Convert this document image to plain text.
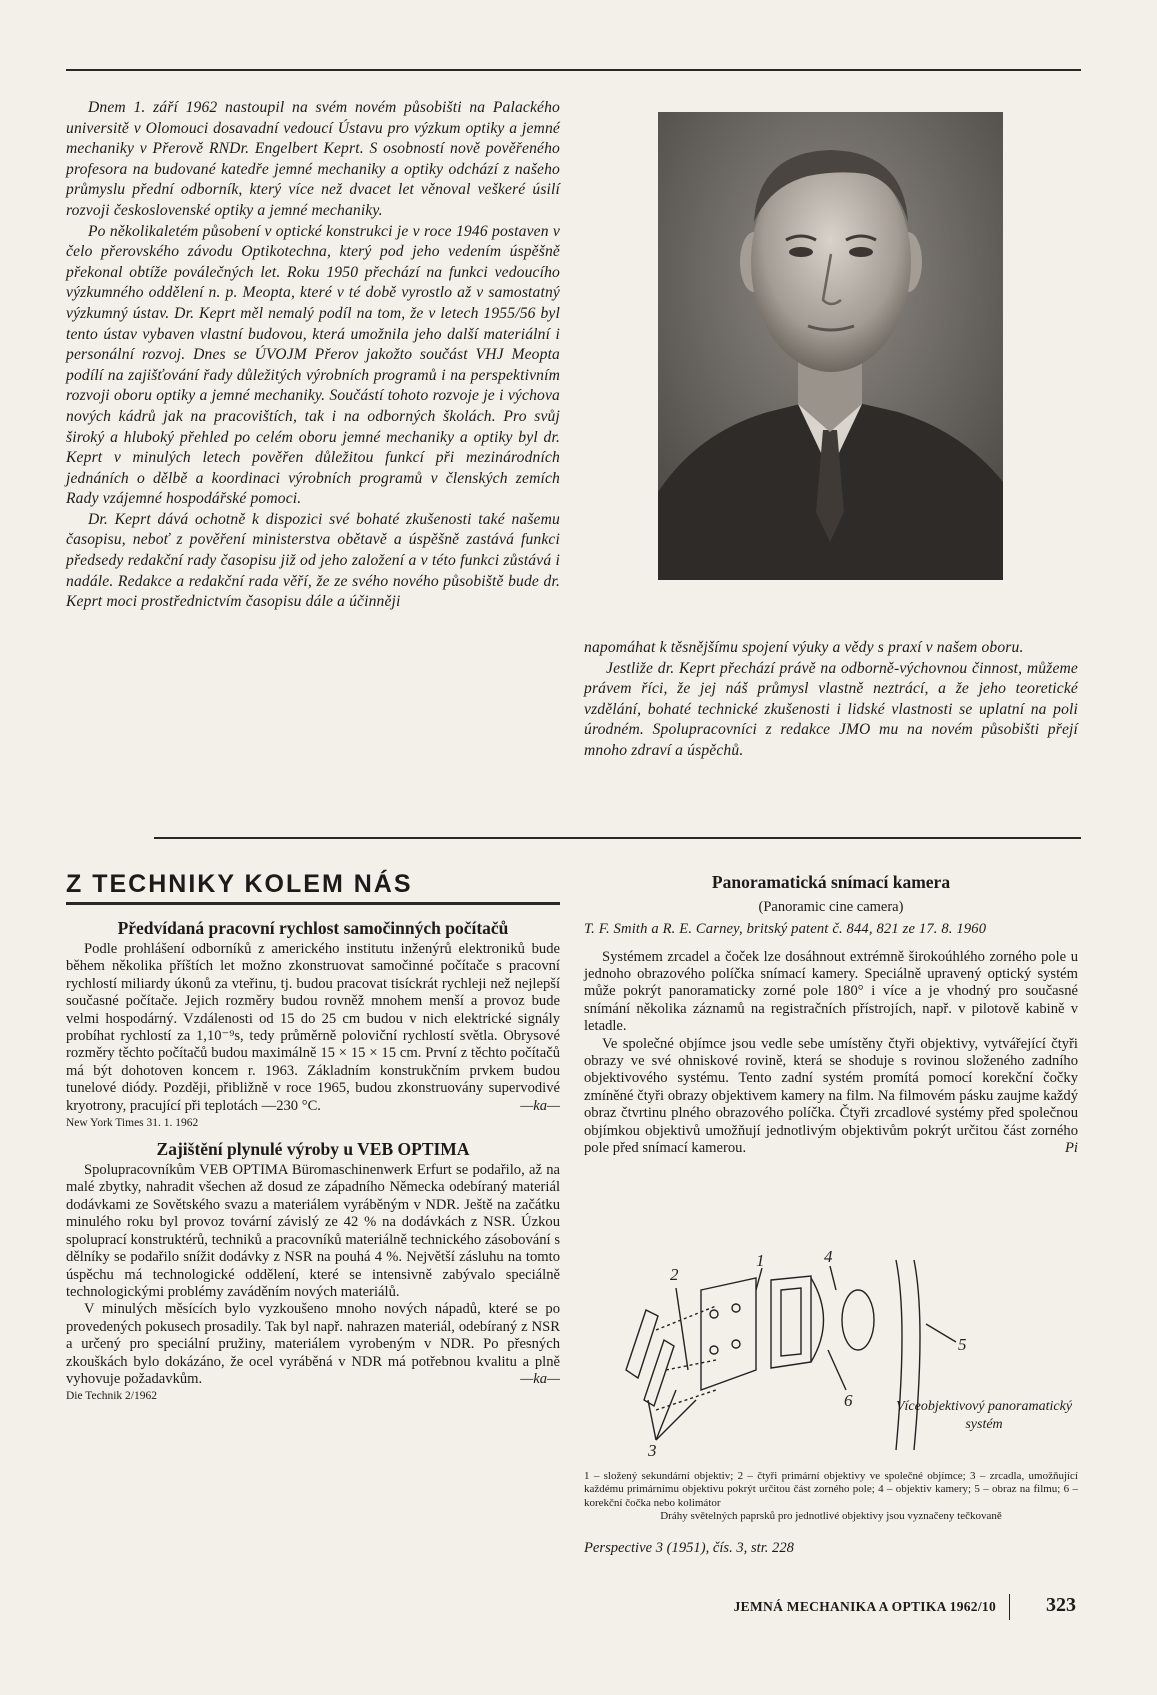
Dnem 1. září 1962 nastoupil na svém novém působišti na Palackého universitě v Olomouci dosavadní vedoucí Ústavu pro výzkum optiky a jemné mechaniky v Přerově RNDr. Engelbert Keprt. S osobností nově pověřeného profesora na budované katedře jemné mechaniky a optiky odchází z našeho průmyslu přední odborník, který více než dvacet let věnoval veškeré úsilí rozvoji československé optiky a jemné mechaniky.

Po několikaletém působení v optické konstrukci je v roce 1946 postaven v čelo přerovského závodu Optikotechna, který pod jeho vedením úspěšně překonal obtíže poválečných let. Roku 1950 přechází na funkci vedoucího výzkumného oddělení n. p. Meopta, které v té době vyrostlo až v samostatný výzkumný ústav. Dr. Keprt měl nemalý podíl na tom, že v letech 1955/56 byl tento ústav vybaven vlastní budovou, která umožnila jeho další materiální i personální rozvoj. Dnes se ÚVOJM Přerov jakožto součást VHJ Meopta podílí na zajišťování řady důležitých výrobních programů i na perspektivním rozvoji oboru optiky a jemné mechaniky. Součástí tohoto rozvoje je i výchova nových kádrů jak na pracovištích, tak i na odborných školách. Pro svůj široký a hluboký přehled po celém oboru jemné mechaniky a optiky byl dr. Keprt v minulých letech pověřen důležitou funkcí při mezinárodních jednáních o dělbě a koordinaci výrobních programů v členských zemích Rady vzájemné hospodářské pomoci.

Dr. Keprt dává ochotně k dispozici své bohaté zkušenosti také našemu časopisu, neboť z pověření ministerstva obětavě a úspěšně zastává funkci předsedy redakční rady časopisu již od jeho založení a v této funkci zůstává i nadále. Redakce a redakční rada věří, že ze svého nového působiště bude dr. Keprt moci prostřednictvím časopisu dále a účinněji

napomáhat k těsnějšímu spojení výuky a vědy s praxí v našem oboru.

Jestliže dr. Keprt přechází právě na odborně-výchovnou činnost, můžeme právem říci, že jej náš průmysl vlastně neztrácí, a že jeho teoretické vzdělání, bohaté technické zkušenosti i lidské vlastnosti se uplatní na poli úrodném. Spolupracovníci z redakce JMO mu na novém působišti přejí mnoho zdraví a úspěchů.

Z TECHNIKY KOLEM NÁS

Předvídaná pracovní rychlost samočinných počítačů

Podle prohlášení odborníků z amerického institutu inženýrů elektroniků bude během několika příštích let možno zkonstruovat samočinné počítače s pracovní rychlostí miliardy úkonů za vteřinu, tj. budou pracovat tisíckrát rychleji než nejlepší současné počítače. Jejich rozměry budou rovněž mnohem menší a provoz bude velmi hospodárný. Vzdálenosti od 15 do 25 cm budou v nich elektrické signály probíhat rychlostí za 1,10⁻⁹s, tedy průměrně poloviční rychlostí světla. Obrysové rozměry těchto počítačů budou maximálně 15 × 15 × 15 cm. První z těchto počítačů má být dohotoven koncem r. 1963. Základním konstrukčním prvkem budou tunelové diódy. Později, přibližně v roce 1965, budou zkonstruovány supervodivé kryotrony, pracující při teplotách —230 °C.	—ka—

New York Times 31. 1. 1962

Zajištění plynulé výroby u VEB OPTIMA

Spolupracovníkům VEB OPTIMA Büromaschinenwerk Erfurt se podařilo, až na malé zbytky, nahradit všechen až dosud ze západního Německa odebíraný materiál dodávkami ze Sovětského svazu a materiálem vyráběným v NDR. Ještě na začátku minulého roku byl provoz tovární závislý ze 42 % na dodávkách z NSR. Úzkou spoluprací konstruktérů, techniků a pracovníků materiálně technického zásobování s dělníky se podařilo snížit dodávky z NSR na pouhá 4 %. Největší zásluhu na tomto úspěchu má technologické oddělení, které se intensivně zabývalo speciálně technologickými problémy zaváděním nových materiálů.

V minulých měsících bylo vyzkoušeno mnoho nových nápadů, které se po provedených pokusech prosadily. Tak byl např. nahrazen materiál, odebíraný z NSR a určený pro speciální pružiny, materiálem vyrobeným v NDR. Po přesných zkouškách bylo dokázáno, že ocel vyráběná v NDR má potřebnou kvalitu a plně vyhovuje požadavkům.	—ka—

Die Technik 2/1962

Panoramatická snímací kamera

(Panoramic cine camera)

T. F. Smith a R. E. Carney, britský patent č. 844, 821 ze 17. 8. 1960

Systémem zrcadel a čoček lze dosáhnout extrémně širokoúhlého zorného pole u jednoho obrazového políčka snímací kamery. Speciálně upravený optický systém může pokrýt panoramaticky zorné pole 180° i více a je vhodný pro současné snímání několika záznamů na registračních přístrojích, např. v pilotově kabině v letadle.

Ve společné objímce jsou vedle sebe umístěny čtyři objektivy, vytvářející čtyři obrazy ve své ohniskové rovině, která se shoduje s rovinou složeného zadního objektivového systému. Tento zadní systém promítá pomocí korekční čočky zmíněné čtyři obrazy objektivem kamery na film. Na filmovém pásku zaujme každý obraz čtvrtinu plného obrazového políčka. Čtyři zrcadlové systémy před společnou objímkou objektivů umožňují jednotlivým objektivům pokrýt určitou část zorného pole před snímací kamerou.	Pi

2
1	4
5
3
6	Víceobjektivový panoramatický systém
1 – složený sekundární objektiv; 2 – čtyři primární objektivy ve společné objímce; 3 – zrcadla, umožňující každému primárnímu objektivu pokrýt určitou část zorného pole; 4 – objektiv kamery; 5 – obraz na filmu; 6 – korekční čočka nebo kolimátor
Dráhy světelných paprsků pro jednotlivé objektivy jsou vyznačeny tečkovaně
Perspective 3 (1951), čís. 3, str. 228
JEMNÁ MECHANIKA A OPTIKA 1962/10	323
